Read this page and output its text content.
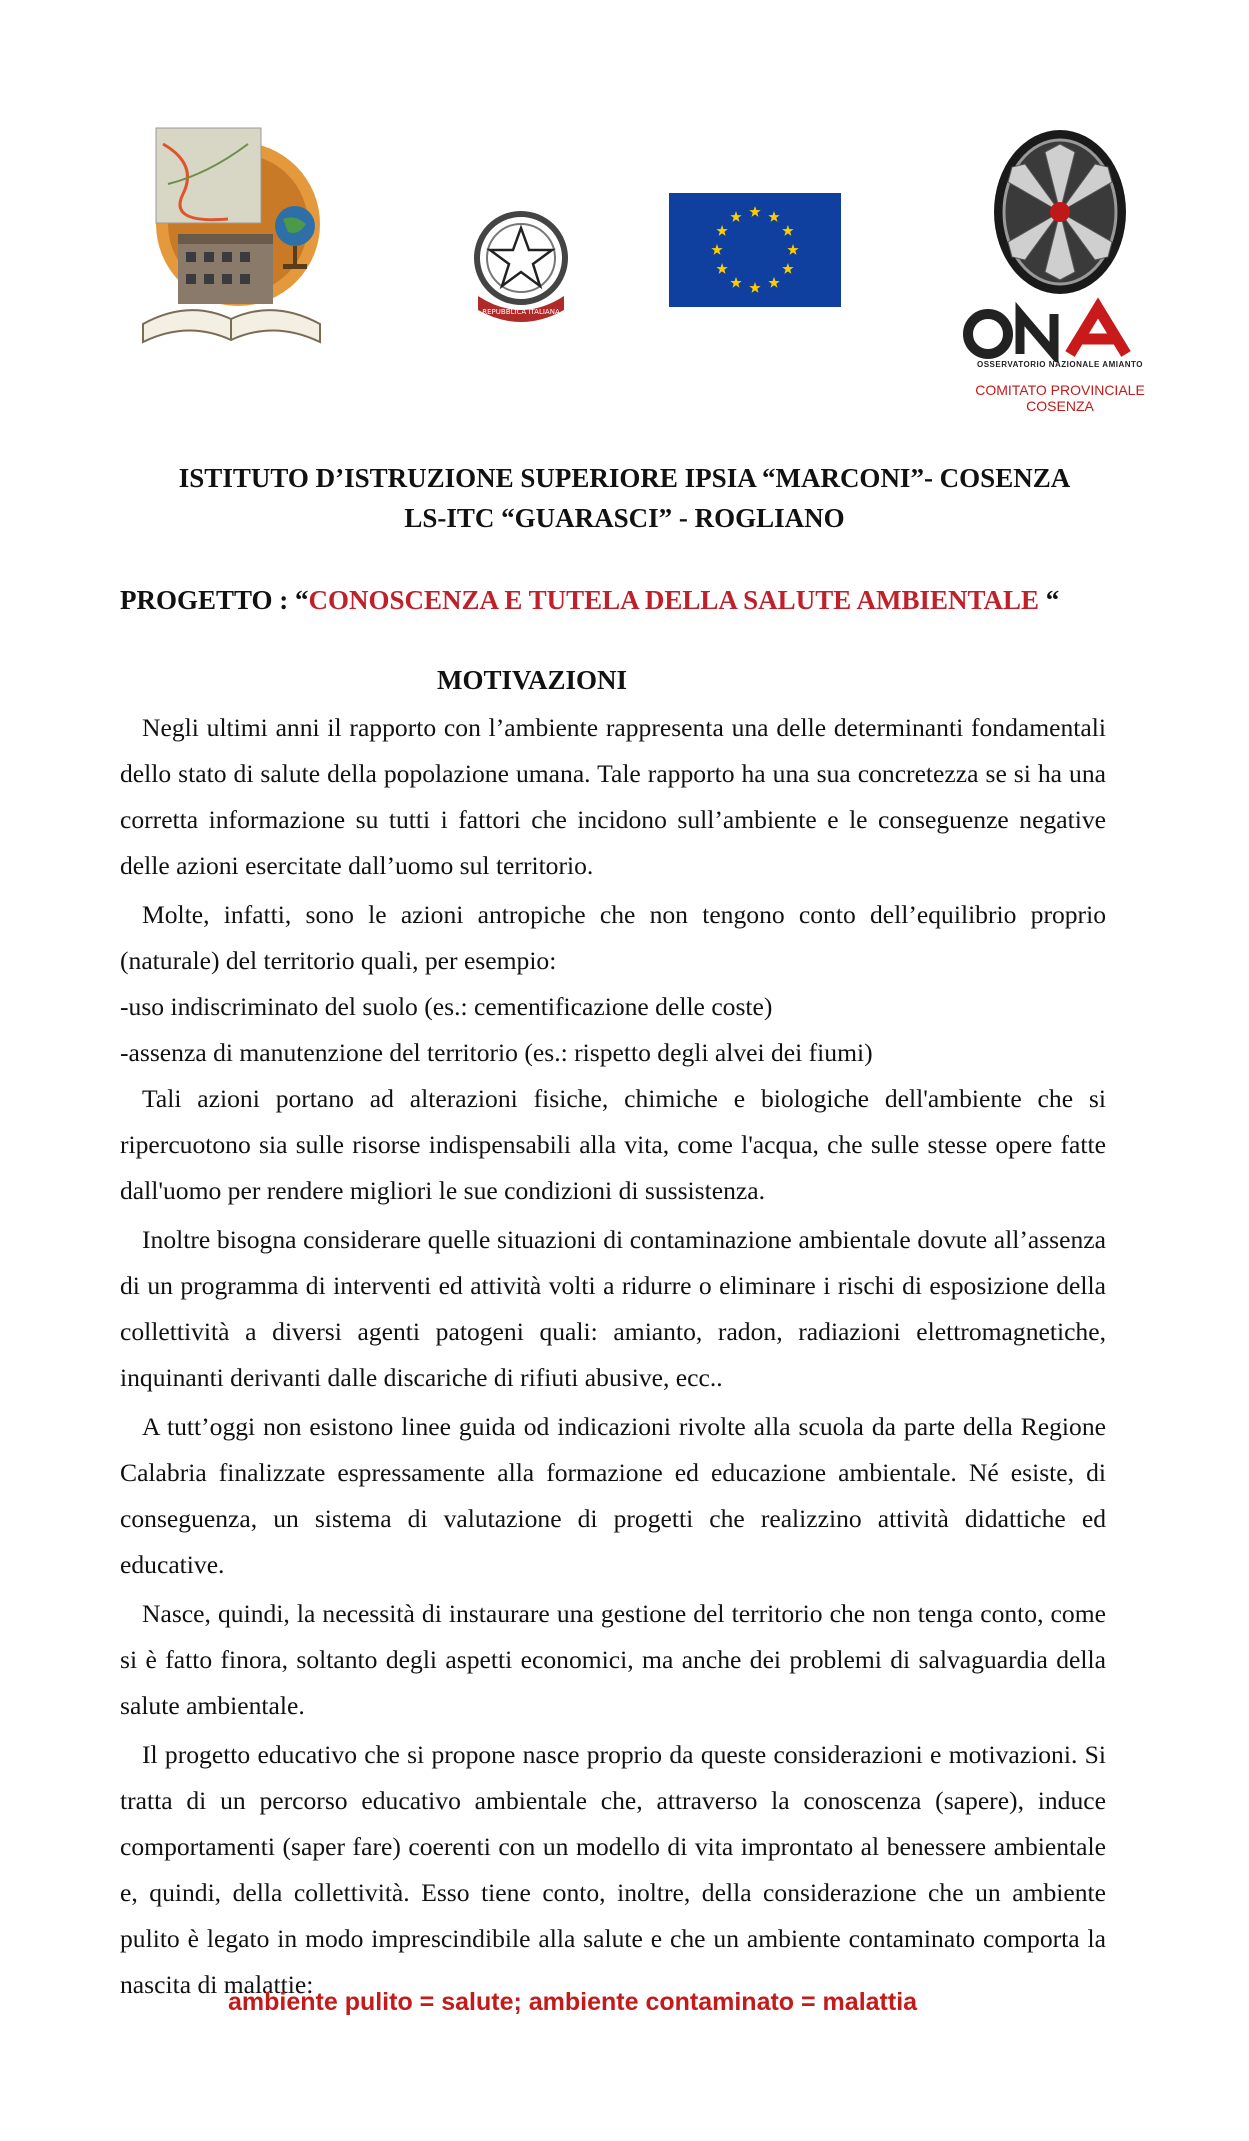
REPUBBLICA ITALIANA
OSSERVATORIO NAZIONALE AMIANTO
COMITATO PROVINCIALE COSENZA
ISTITUTO D’ISTRUZIONE SUPERIORE IPSIA “MARCONI”- COSENZA
LS-ITC “GUARASCI” - ROGLIANO
PROGETTO : “CONOSCENZA E TUTELA DELLA SALUTE AMBIENTALE “
MOTIVAZIONI

Negli ultimi anni il rapporto con l’ambiente rappresenta una delle determinanti fondamentali dello stato di salute della popolazione umana. Tale rapporto ha una sua concretezza se si ha una corretta informazione su tutti i fattori che incidono sull’ambiente e le conseguenze negative delle azioni esercitate dall’uomo sul territorio.

Molte, infatti, sono le azioni antropiche che non tengono conto dell’equilibrio proprio (naturale) del territorio quali, per esempio:

-uso indiscriminato del suolo (es.: cementificazione delle coste)

-assenza di manutenzione del territorio (es.: rispetto degli alvei dei fiumi)

Tali azioni portano ad alterazioni fisiche, chimiche e biologiche dell'ambiente che si ripercuotono sia sulle risorse indispensabili alla vita, come l'acqua, che sulle stesse opere fatte dall'uomo per rendere migliori le sue condizioni di sussistenza.

Inoltre bisogna considerare quelle situazioni di contaminazione ambientale dovute all’assenza di un programma di interventi ed attività volti a ridurre o eliminare i rischi di esposizione della collettività a diversi agenti patogeni quali: amianto, radon, radiazioni elettromagnetiche, inquinanti derivanti dalle discariche di rifiuti abusive, ecc..

A tutt’oggi non esistono linee guida od indicazioni rivolte alla scuola da parte della Regione Calabria finalizzate espressamente alla formazione ed educazione ambientale. Né esiste, di conseguenza, un sistema di valutazione di progetti che realizzino attività didattiche ed educative.

Nasce, quindi, la necessità di instaurare una gestione del territorio che non tenga conto, come si è fatto finora, soltanto degli aspetti economici, ma anche dei problemi di salvaguardia della salute ambientale.

Il progetto educativo che si propone nasce proprio da queste considerazioni e motivazioni. Si tratta di un percorso educativo ambientale che, attraverso la conoscenza (sapere), induce comportamenti (saper fare) coerenti con un modello di vita improntato al benessere ambientale e, quindi, della collettività. Esso tiene conto, inoltre, della considerazione che un ambiente pulito è legato in modo imprescindibile alla salute e che un ambiente contaminato comporta la nascita di malattie:

ambiente pulito = salute; ambiente contaminato = malattia
